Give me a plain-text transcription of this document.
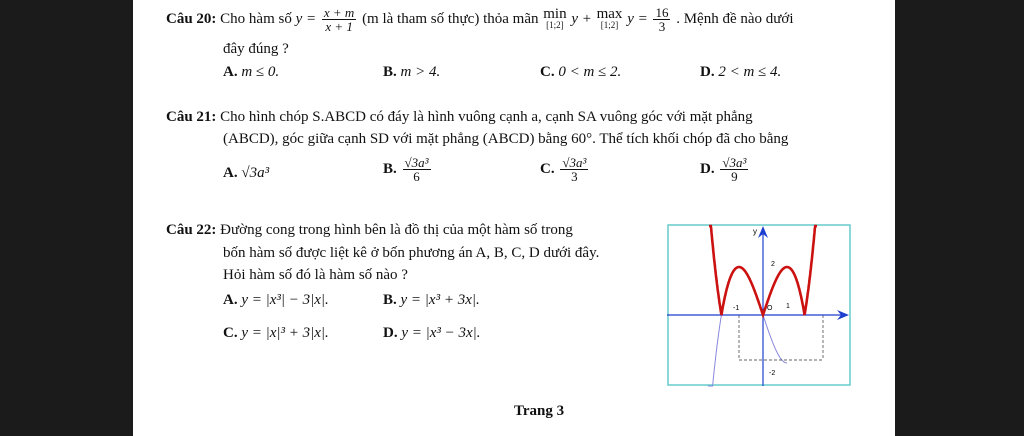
Câu 20: Cho hàm số $y = \frac{x + m}{x + 1} (m$ là tham số thực) thỏa mãn min
[1;2] y + max
[1;2] $y = \frac{16}{3}$ . Mệnh đề nào dưới
đây đúng ?
A. m ≤ 0.	B. m > 4.	C. 0 < m ≤ 2.	D. 2 < m ≤ 4.
Câu 21: Cho hình chóp S.ABCD có đáy là hình vuông cạnh a, cạnh SA vuông góc với mặt phẳng
(ABCD), góc giữa cạnh SD với mặt phẳng (ABCD) bằng 60°. Thể tích khối chóp đã cho bằng
A. √3a³	B. $\frac{\text{√3a³}}{6}$	C. $\frac{\text{√3a³}}{3}$	D. $\frac{\text{√3a³}}{9}$
Câu 22: Đường cong trong hình bên là đồ thị của một hàm số trong
bốn hàm số được liệt kê ở bốn phương án A, B, C, D dưới đây.
Hỏi hàm số đó là hàm số nào ?
A. y = |x³| − 3|x|.	B. y = |x³ + 3x|.
C. y = |x|³ + 3|x|.	D. y = |x³ − 3x|.
y
2
-2
-1	O 1
Trang 3
